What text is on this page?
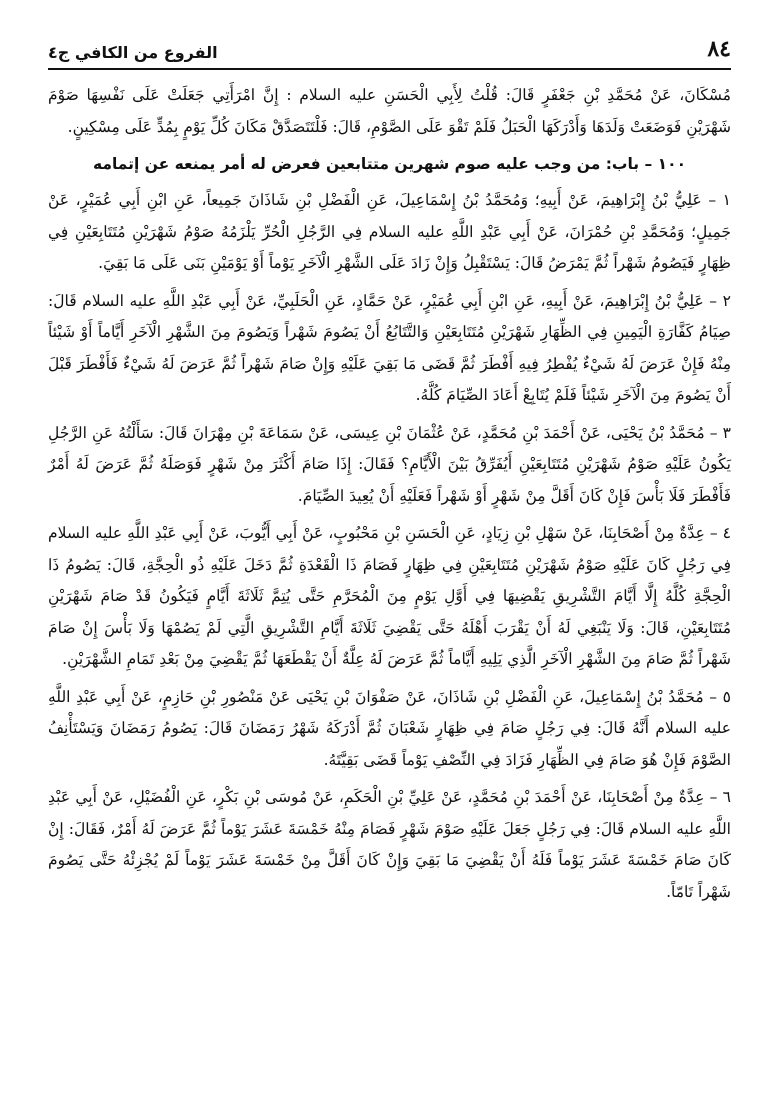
٨٤
الفروع من الكافي ج٤

مُسْكَانَ، عَنْ مُحَمَّدِ بْنِ جَعْفَرٍ قَالَ: قُلْتُ لِأَبِي الْحَسَنِ عليه السلام : إِنَّ امْرَأَتِي جَعَلَتْ عَلَى نَفْسِهَا صَوْمَ شَهْرَيْنِ فَوَضَعَتْ وَلَدَهَا وَأَدْرَكَهَا الْحَبَلُ فَلَمْ تَقْوَ عَلَى الصَّوْمِ، قَالَ: فَلْتَتَصَدَّقْ مَكَانَ كُلِّ يَوْمٍ بِمُدٍّ عَلَى مِسْكِينٍ.

١٠٠ – باب: من وجب عليه صوم شهرين متتابعين فعرض له أمر يمنعه عن إتمامه

١ – عَلِيُّ بْنُ إِبْرَاهِيمَ، عَنْ أَبِيهِ؛ وَمُحَمَّدُ بْنُ إِسْمَاعِيلَ، عَنِ الْفَضْلِ بْنِ شَاذَانَ جَمِيعاً، عَنِ ابْنِ أَبِي عُمَيْرٍ، عَنْ جَمِيلٍ؛ وَمُحَمَّدِ بْنِ حُمْرَانَ، عَنْ أَبِي عَبْدِ اللَّهِ عليه السلام فِي الرَّجُلِ الْحُرِّ يَلْزَمُهُ صَوْمُ شَهْرَيْنِ مُتَتَابِعَيْنِ فِي ظِهَارٍ فَيَصُومُ شَهْراً ثُمَّ يَمْرَضُ قَالَ: يَسْتَقْبِلُ وَإِنْ زَادَ عَلَى الشَّهْرِ الْآخَرِ يَوْماً أَوْ يَوْمَيْنِ بَنَى عَلَى مَا بَقِيَ.

٢ – عَلِيُّ بْنُ إِبْرَاهِيمَ، عَنْ أَبِيهِ، عَنِ ابْنِ أَبِي عُمَيْرٍ، عَنْ حَمَّادٍ، عَنِ الْحَلَبِيِّ، عَنْ أَبِي عَبْدِ اللَّهِ عليه السلام قَالَ: صِيَامُ كَفَّارَةِ الْيَمِينِ فِي الظِّهَارِ شَهْرَيْنِ مُتَتَابِعَيْنِ وَالتَّتَابُعُ أَنْ يَصُومَ شَهْراً وَيَصُومَ مِنَ الشَّهْرِ الْآخَرِ أَيَّاماً أَوْ شَيْئاً مِنْهُ فَإِنْ عَرَضَ لَهُ شَيْءٌ يُفْطِرُ فِيهِ أَفْطَرَ ثُمَّ قَضَى مَا بَقِيَ عَلَيْهِ وَإِنْ صَامَ شَهْراً ثُمَّ عَرَضَ لَهُ شَيْءٌ فَأَفْطَرَ قَبْلَ أَنْ يَصُومَ مِنَ الْآخَرِ شَيْئاً فَلَمْ يُتَابِعْ أَعَادَ الصِّيَامَ كُلَّهُ.

٣ – مُحَمَّدُ بْنُ يَحْيَى، عَنْ أَحْمَدَ بْنِ مُحَمَّدٍ، عَنْ عُثْمَانَ بْنِ عِيسَى، عَنْ سَمَاعَةَ بْنِ مِهْرَانَ قَالَ: سَأَلْتُهُ عَنِ الرَّجُلِ يَكُونُ عَلَيْهِ صَوْمُ شَهْرَيْنِ مُتَتَابِعَيْنِ أَيُفَرِّقُ بَيْنَ الْأَيَّامِ؟ فَقَالَ: إِذَا صَامَ أَكْثَرَ مِنْ شَهْرٍ فَوَصَلَهُ ثُمَّ عَرَضَ لَهُ أَمْرٌ فَأَفْطَرَ فَلَا بَأْسَ فَإِنْ كَانَ أَقَلَّ مِنْ شَهْرٍ أَوْ شَهْراً فَعَلَيْهِ أَنْ يُعِيدَ الصِّيَامَ.

٤ – عِدَّةٌ مِنْ أَصْحَابِنَا، عَنْ سَهْلِ بْنِ زِيَادٍ، عَنِ الْحَسَنِ بْنِ مَحْبُوبٍ، عَنْ أَبِي أَيُّوبَ، عَنْ أَبِي عَبْدِ اللَّهِ عليه السلام فِي رَجُلٍ كَانَ عَلَيْهِ صَوْمُ شَهْرَيْنِ مُتَتَابِعَيْنِ فِي ظِهَارٍ فَصَامَ ذَا الْقَعْدَةِ ثُمَّ دَخَلَ عَلَيْهِ ذُو الْحِجَّةِ، قَالَ: يَصُومُ ذَا الْحِجَّةِ كُلَّهُ إِلَّا أَيَّامَ التَّشْرِيقِ يَقْضِيهَا فِي أَوَّلِ يَوْمٍ مِنَ الْمُحَرَّمِ حَتَّى يُتِمَّ ثَلَاثَةَ أَيَّامٍ فَيَكُونُ قَدْ صَامَ شَهْرَيْنِ مُتَتَابِعَيْنِ، قَالَ: وَلَا يَنْبَغِي لَهُ أَنْ يَقْرَبَ أَهْلَهُ حَتَّى يَقْضِيَ ثَلَاثَةَ أَيَّامِ التَّشْرِيقِ الَّتِي لَمْ يَصُمْهَا وَلَا بَأْسَ إِنْ صَامَ شَهْراً ثُمَّ صَامَ مِنَ الشَّهْرِ الْآخَرِ الَّذِي يَلِيهِ أَيَّاماً ثُمَّ عَرَضَ لَهُ عِلَّةٌ أَنْ يَقْطَعَهَا ثُمَّ يَقْضِيَ مِنْ بَعْدِ تَمَامِ الشَّهْرَيْنِ.

٥ – مُحَمَّدُ بْنُ إِسْمَاعِيلَ، عَنِ الْفَضْلِ بْنِ شَاذَانَ، عَنْ صَفْوَانَ بْنِ يَحْيَى عَنْ مَنْصُورِ بْنِ حَازِمٍ، عَنْ أَبِي عَبْدِ اللَّهِ عليه السلام أَنَّهُ قَالَ: فِي رَجُلٍ صَامَ فِي ظِهَارٍ شَعْبَانَ ثُمَّ أَدْرَكَهُ شَهْرُ رَمَضَانَ قَالَ: يَصُومُ رَمَضَانَ وَيَسْتَأْنِفُ الصَّوْمَ فَإِنْ هُوَ صَامَ فِي الظِّهَارِ فَزَادَ فِي النِّصْفِ يَوْماً قَضَى بَقِيَّتَهُ.

٦ – عِدَّةٌ مِنْ أَصْحَابِنَا، عَنْ أَحْمَدَ بْنِ مُحَمَّدٍ، عَنْ عَلِيِّ بْنِ الْحَكَمِ، عَنْ مُوسَى بْنِ بَكْرٍ، عَنِ الْفُضَيْلِ، عَنْ أَبِي عَبْدِ اللَّهِ عليه السلام قَالَ: فِي رَجُلٍ جَعَلَ عَلَيْهِ صَوْمَ شَهْرٍ فَصَامَ مِنْهُ خَمْسَةَ عَشَرَ يَوْماً ثُمَّ عَرَضَ لَهُ أَمْرٌ، فَقَالَ: إِنْ كَانَ صَامَ خَمْسَةَ عَشَرَ يَوْماً فَلَهُ أَنْ يَقْضِيَ مَا بَقِيَ وَإِنْ كَانَ أَقَلَّ مِنْ خَمْسَةَ عَشَرَ يَوْماً لَمْ يُجْزِئْهُ حَتَّى يَصُومَ شَهْراً تَامّاً.
